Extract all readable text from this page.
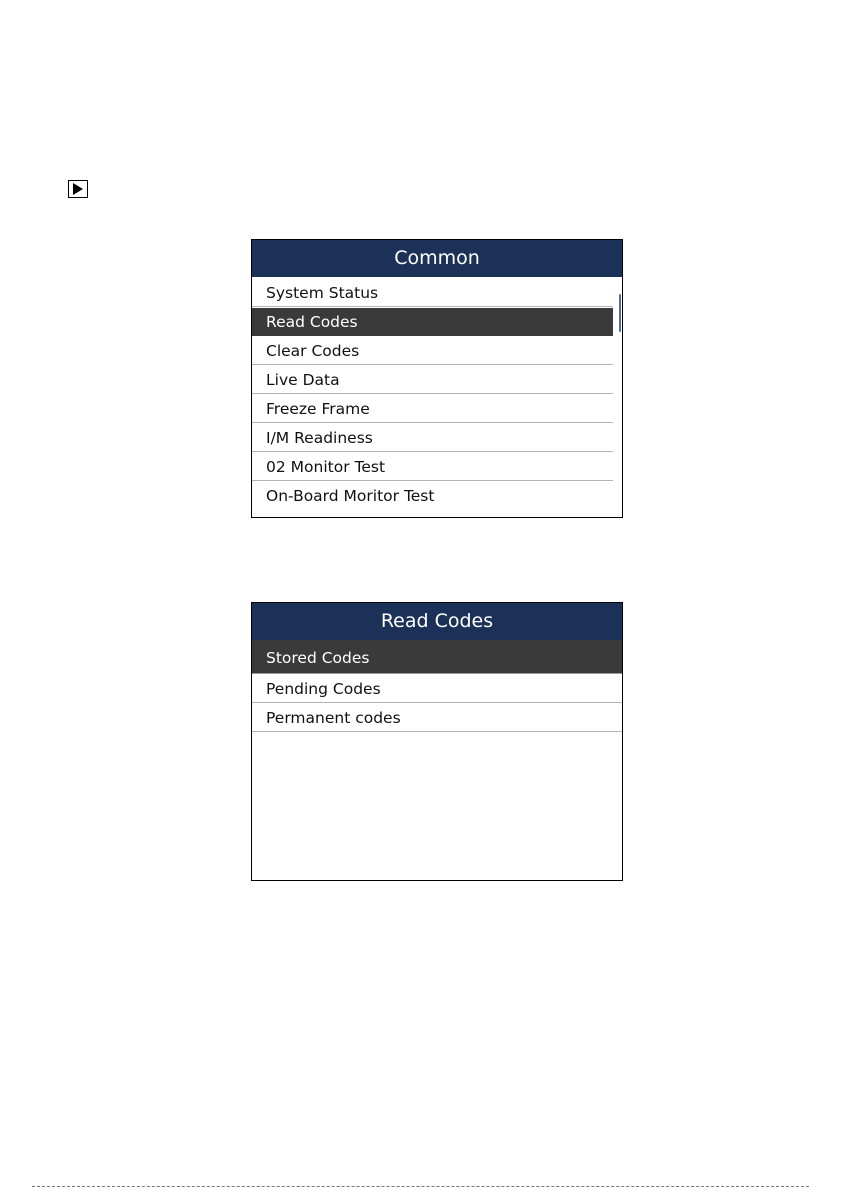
Common
System Status
Read Codes
Clear Codes
Live Data
Freeze Frame
I/M Readiness
02 Monitor Test
On-Board Moritor Test
Read Codes
Stored Codes
Pending Codes
Permanent codes
